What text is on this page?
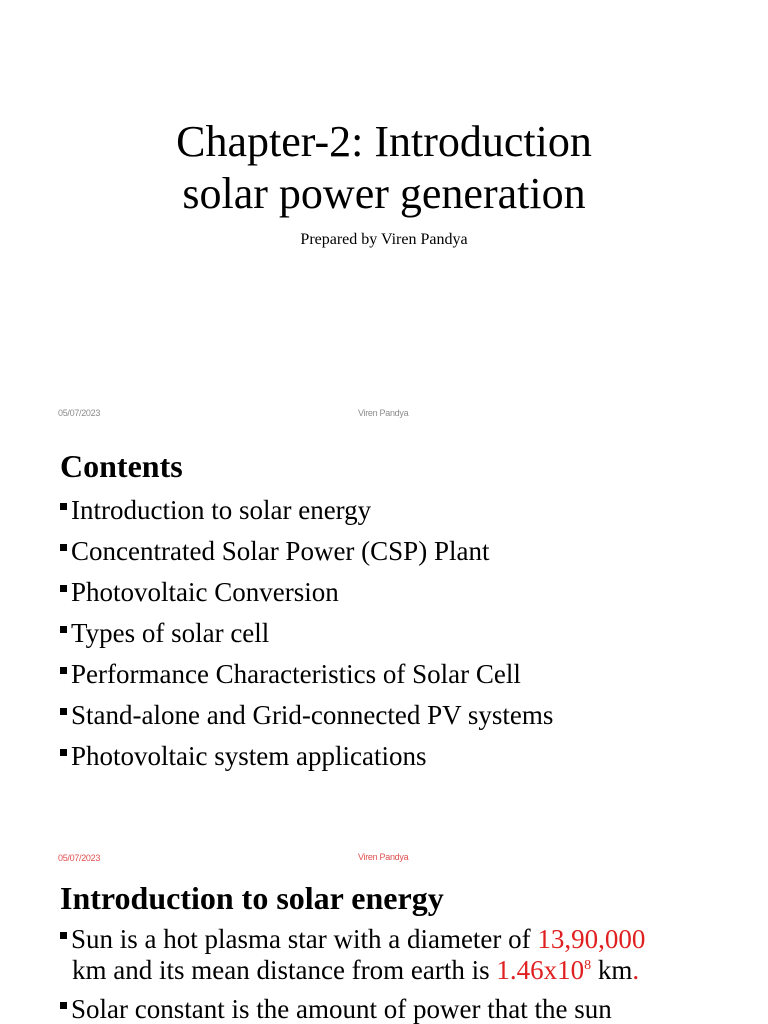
Chapter-2: Introduction
solar power generation
Prepared by Viren Pandya
05/07/2023	Viren Pandya
Contents
Introduction to solar energy
Concentrated Solar Power (CSP) Plant
Photovoltaic Conversion
Types of solar cell
Performance Characteristics of Solar Cell
Stand-alone and Grid-connected PV systems
Photovoltaic system applications
05/07/2023	Viren Pandya
Introduction to solar energy
Sun is a hot plasma star with a diameter of 13,90,000
km and its mean distance from earth is $1.46x10^8$ km.
Solar constant is the amount of power that the sun
